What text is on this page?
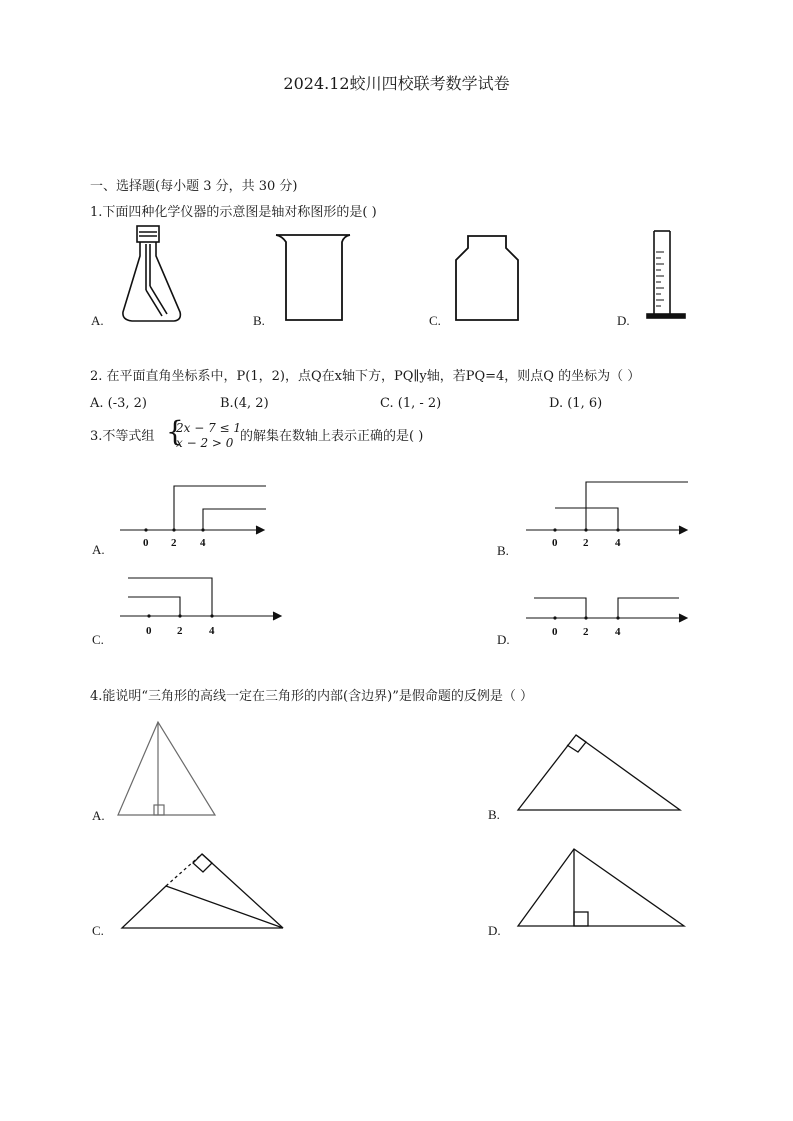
2024.12蛟川四校联考数学试卷
一、选择题(每小题 3 分，共 30 分)
1.下面四种化学仪器的示意图是轴对称图形的是( )
A.	B.	C.	D.
2. 在平面直角坐标系中，P(1，2)，点Q在x轴下方，PQ∥y轴，若PQ=4，则点Q 的坐标为（ ）
A. (-3, 2)	B.(4, 2)	C. (1, - 2)	D. (1, 6)
3.不等式组 {
2x − 7 ≤ 1
x − 2 > 0 的解集在数轴上表示正确的是( )
0 2 4
A.	0 2 4
B.
0 2 4
C.	0 2 4
D.
4.能说明“三角形的高线一定在三角形的内部(含边界)”是假命题的反例是（ ）
A.	B.
C.	D.
